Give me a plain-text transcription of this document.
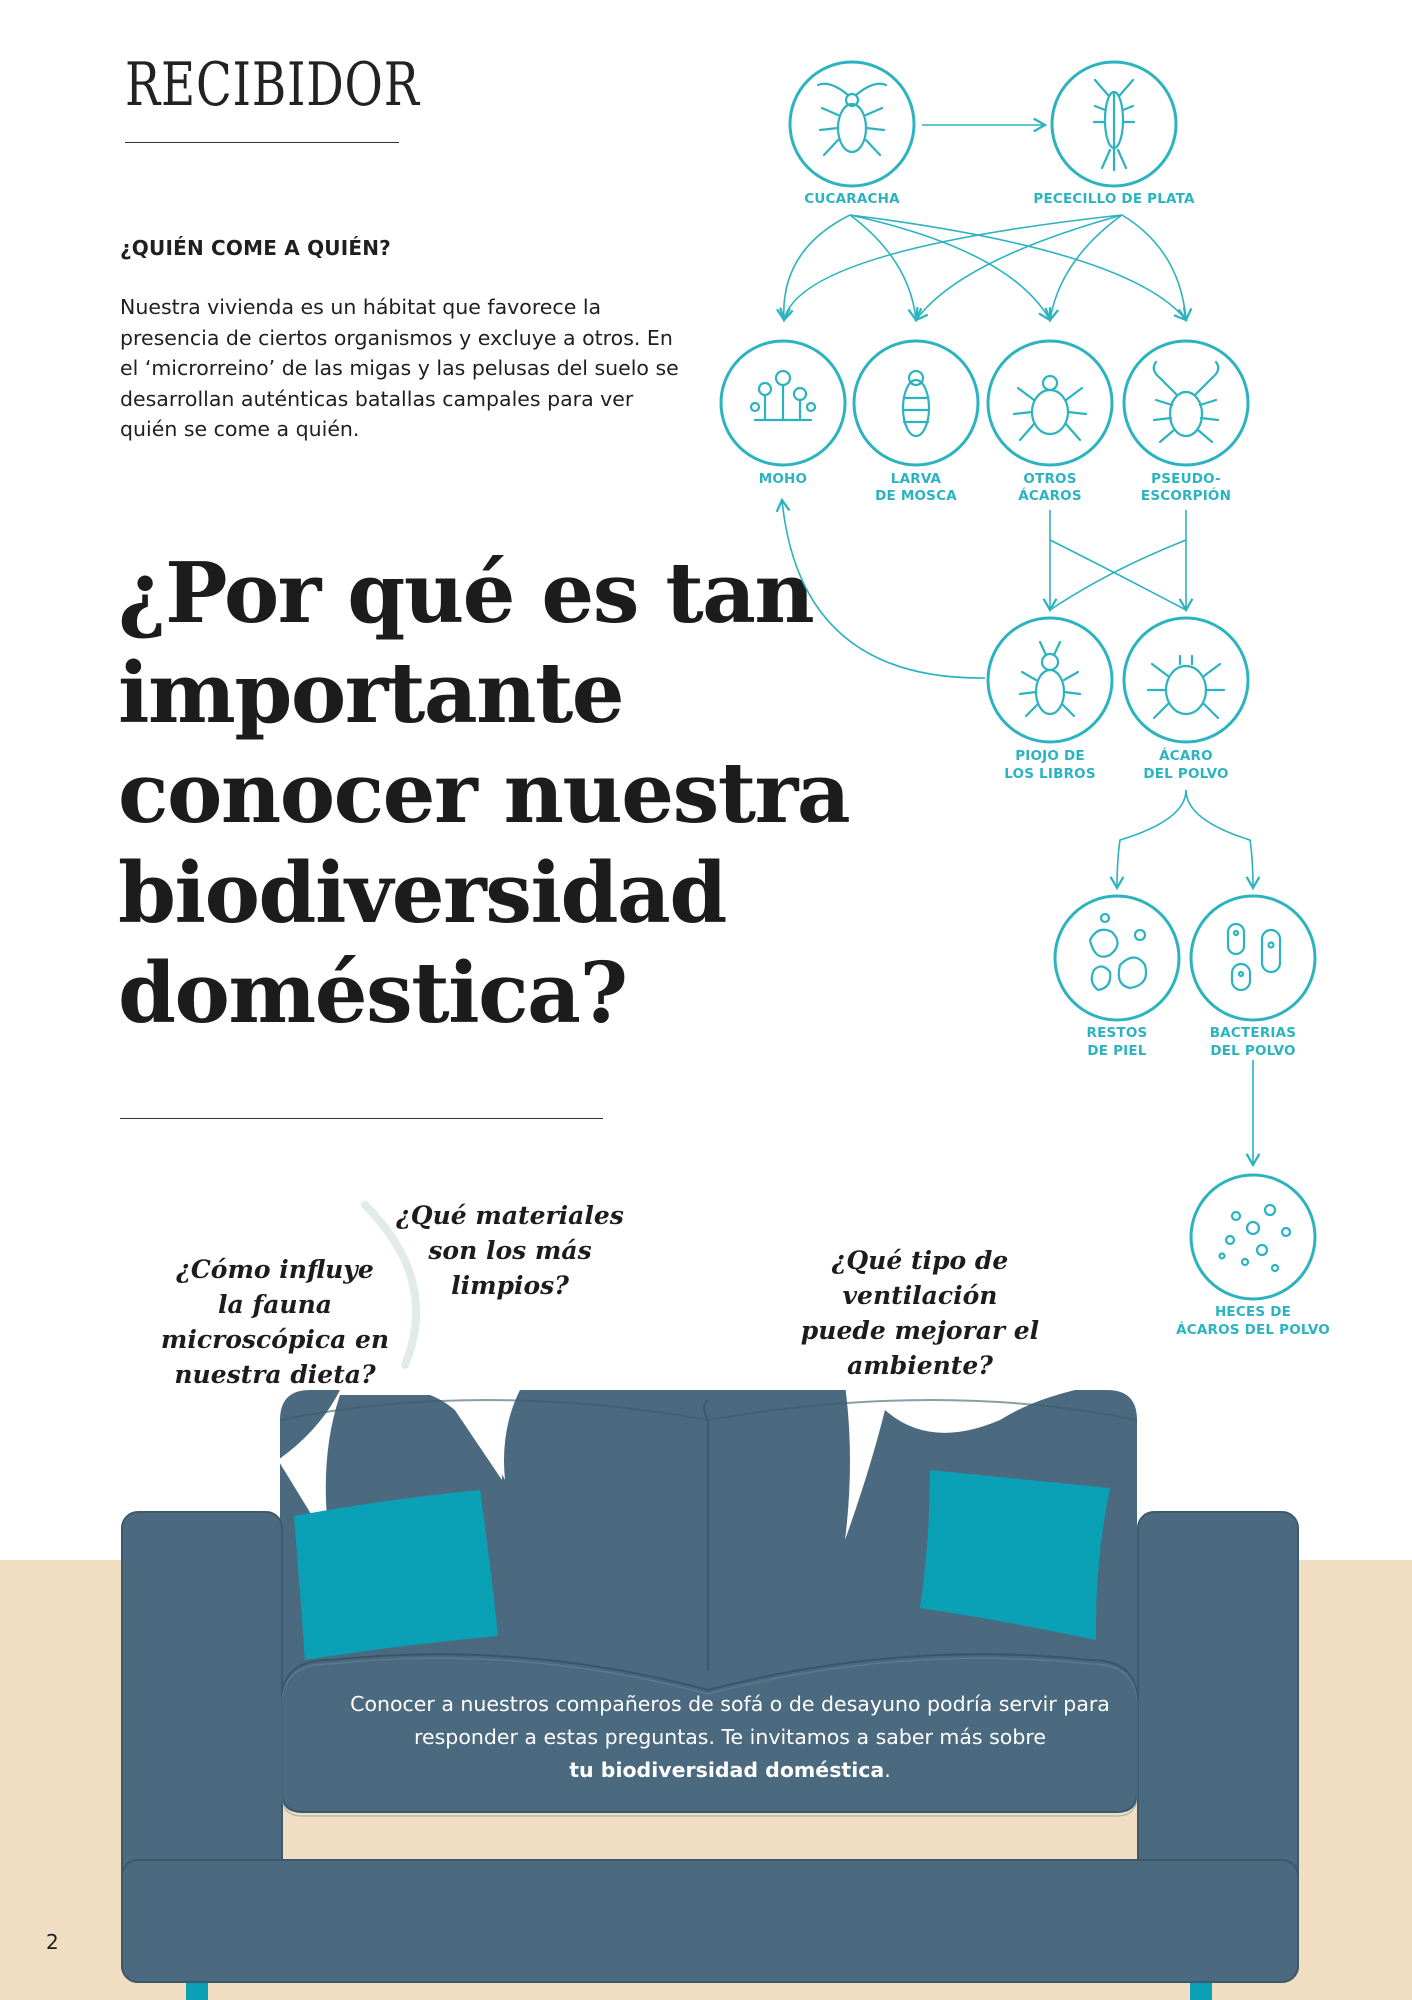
RECIBIDOR
¿QUIÉN COME A QUIÉN?

Nuestra vivienda es un hábitat que favorece la presencia de ciertos organismos y excluye a otros. En el ‘microrreino’ de las migas y las pelusas del suelo se desarrollan auténticas batallas campales para ver quién se come a quién.

¿Por qué es tan importante conocer nuestra biodiversidad doméstica?
CUCARACHA	PECECILLO DE PLATA
MOHO	LARVA
DE MOSCA
OTROS
ÁCAROS
PSEUDO-
ESCORPIÓN
PIOJO DE
LOS LIBROS
ÁCARO
DEL POLVO
RESTOS
DE PIEL
BACTERIAS
DEL POLVO
HECES DE
ÁCAROS DEL POLVO

¿Cómo influye la fauna microscópica en nuestra dieta?

¿Qué materiales son los más limpios?

¿Qué tipo de ventilación puede mejorar el ambiente?

Conocer a nuestros compañeros de sofá o de desayuno podría servir para responder a estas preguntas. Te invitamos a saber más sobre
tu biodiversidad doméstica.

2
